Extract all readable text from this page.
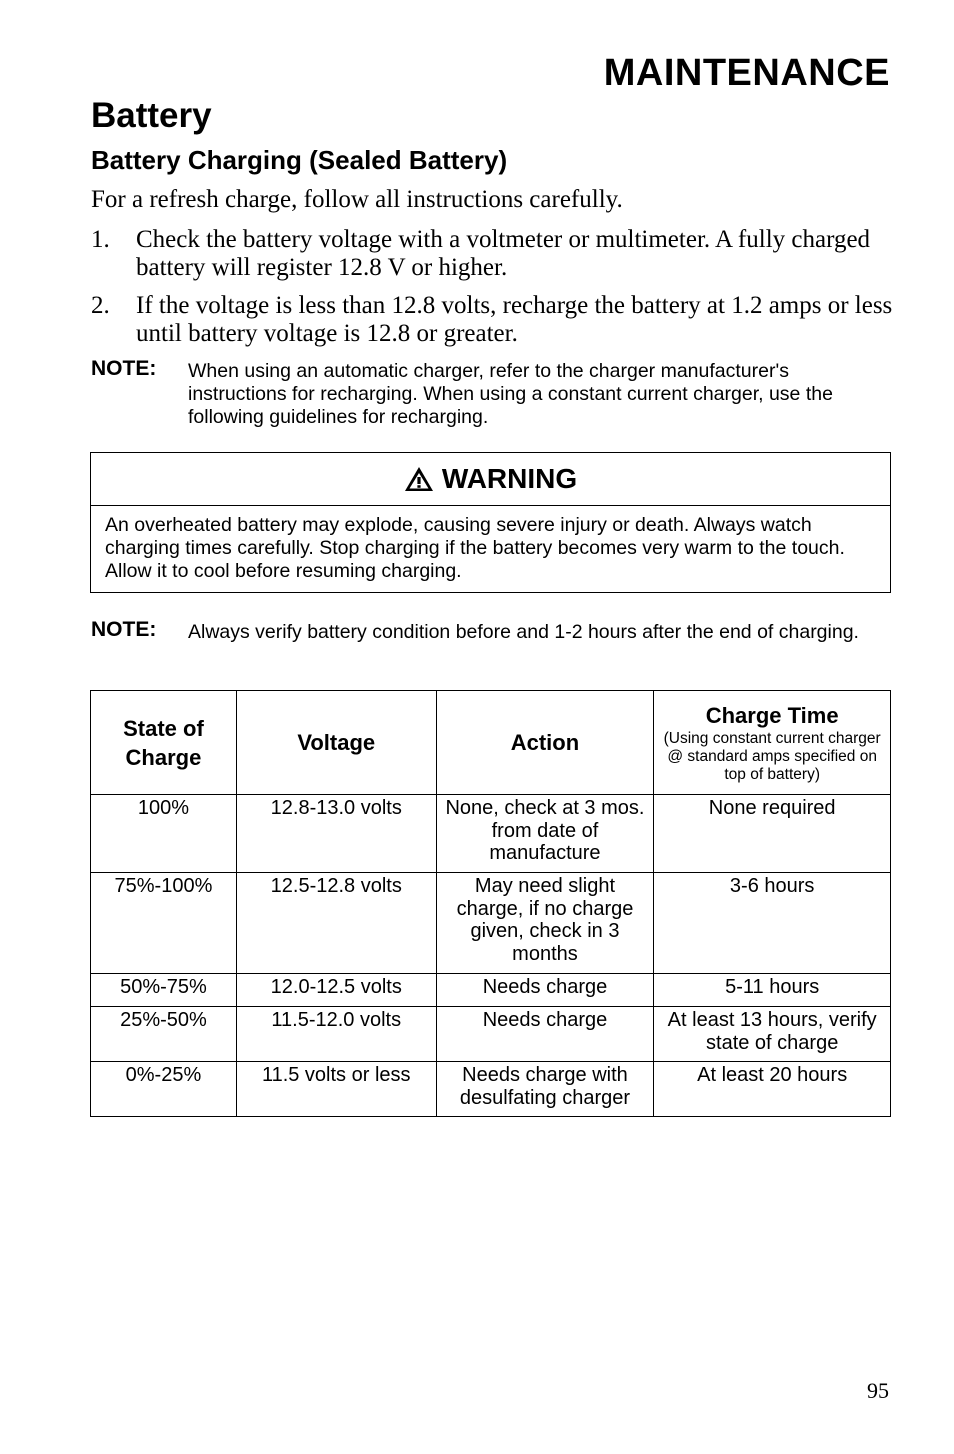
MAINTENANCE
Battery
Battery Charging (Sealed Battery)
For a refresh charge, follow all instructions carefully.
1. Check the battery voltage with a voltmeter or multimeter. A fully charged battery will register 12.8 V or higher.
2. If the voltage is less than 12.8 volts, recharge the battery at 1.2 amps or less until battery voltage is 12.8 or greater.
NOTE: When using an automatic charger, refer to the charger manufacturer's instructions for recharging. When using a constant current charger, use the following guidelines for recharging.
WARNING
An overheated battery may explode, causing severe injury or death. Always watch charging times carefully. Stop charging if the battery becomes very warm to the touch. Allow it to cool before resuming charging.
NOTE: Always verify battery condition before and 1-2 hours after the end of charging.
State of Charge	Voltage	Action	Charge Time
(Using constant current charger @ standard amps specified on top of battery)

100%	12.8-13.0 volts	None, check at 3 mos. from date of manufacture	None required
75%-100%	12.5-12.8 volts	May need slight charge, if no charge given, check in 3 months	3-6 hours
50%-75%	12.0-12.5 volts	Needs charge	5-11 hours
25%-50%	11.5-12.0 volts	Needs charge	At least 13 hours, verify state of charge
0%-25%	11.5 volts or less	Needs charge with desulfating charger	At least 20 hours
95
